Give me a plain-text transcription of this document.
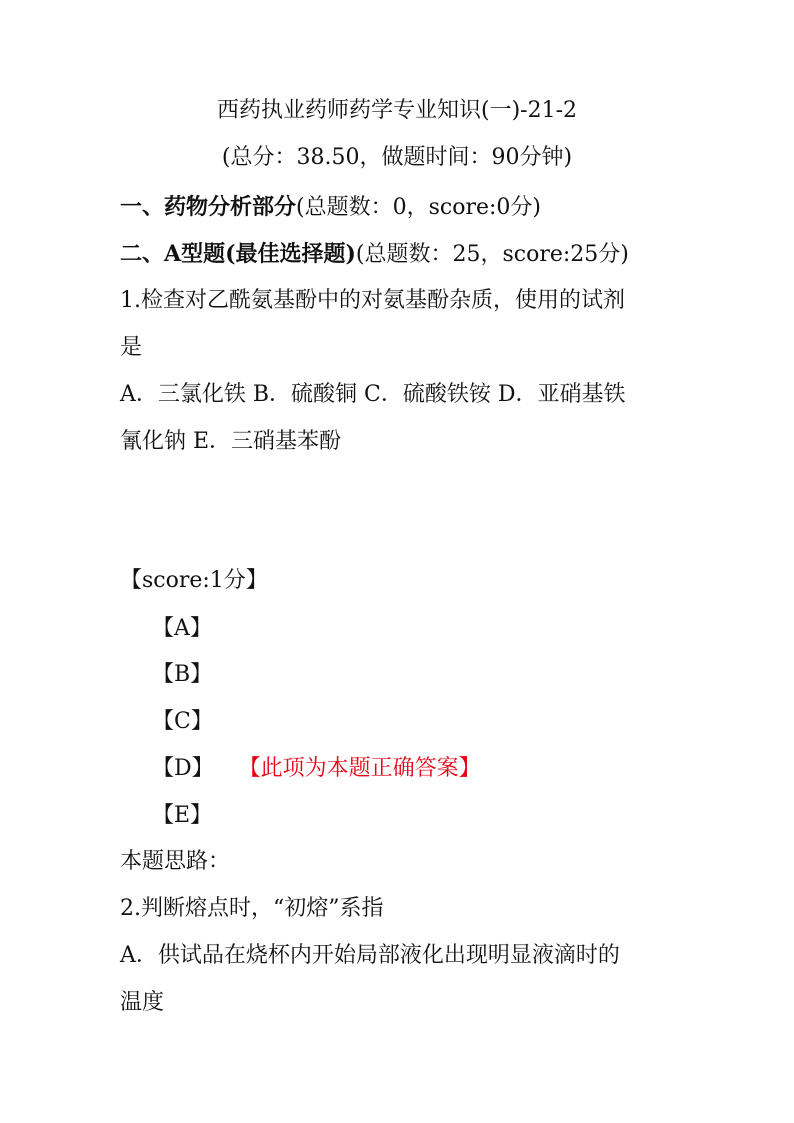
西药执业药师药学专业知识(一)-21-2
(总分：38.50，做题时间：90分钟)
一、药物分析部分(总题数：0，score:0分)
二、A型题(最佳选择题)(总题数：25，score:25分)
1.检查对乙酰氨基酚中的对氨基酚杂质，使用的试剂
是
A．三氯化铁 B．硫酸铜 C．硫酸铁铵 D．亚硝基铁
氰化钠 E．三硝基苯酚
【score:1分】
【A】
【B】
【C】
【D】 【此项为本题正确答案】
【E】
本题思路：
2.判断熔点时，“初熔”系指
A．供试品在烧杯内开始局部液化出现明显液滴时的
温度
